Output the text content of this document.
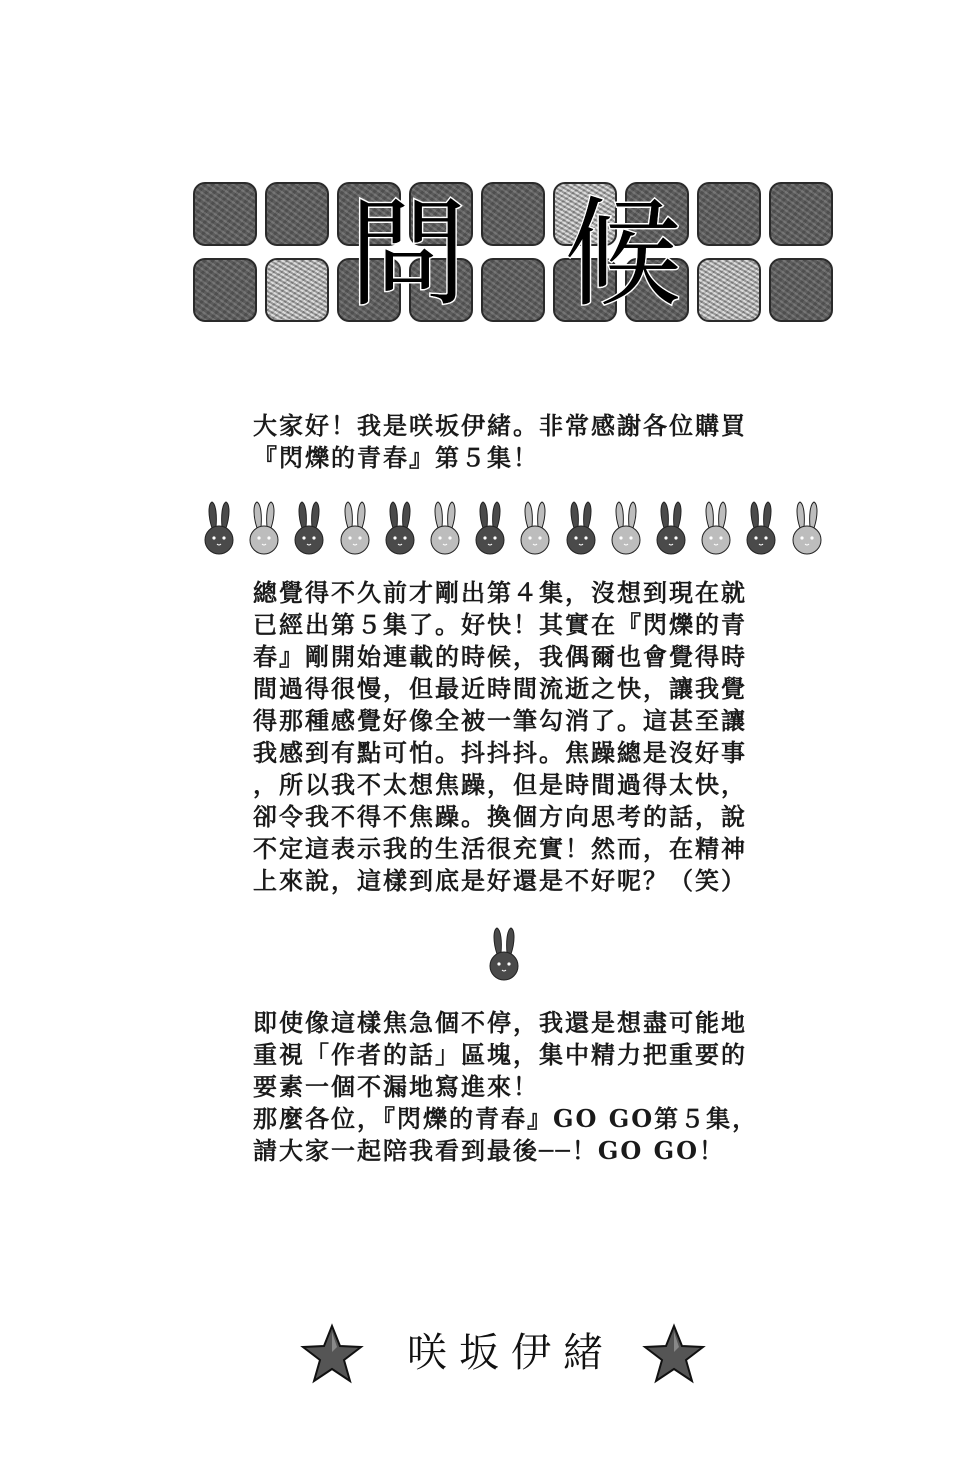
問 候
大家好！我是咲坂伊緒。非常感謝各位購買
『閃爍的青春』第５集！
總覺得不久前才剛出第４集，沒想到現在就
已經出第５集了。好快！其實在『閃爍的青
春』剛開始連載的時候，我偶爾也會覺得時
間過得很慢，但最近時間流逝之快，讓我覺
得那種感覺好像全被一筆勾消了。這甚至讓
我感到有點可怕。抖抖抖。焦躁總是沒好事
，所以我不太想焦躁，但是時間過得太快，
卻令我不得不焦躁。換個方向思考的話，說
不定這表示我的生活很充實！然而，在精神
上來說，這樣到底是好還是不好呢？（笑）
即使像這樣焦急個不停，我還是想盡可能地
重視「作者的話」區塊，集中精力把重要的
要素一個不漏地寫進來！
那麼各位，『閃爍的青春』GO GO第５集，
請大家一起陪我看到最後──！GO GO！
咲坂伊緒
